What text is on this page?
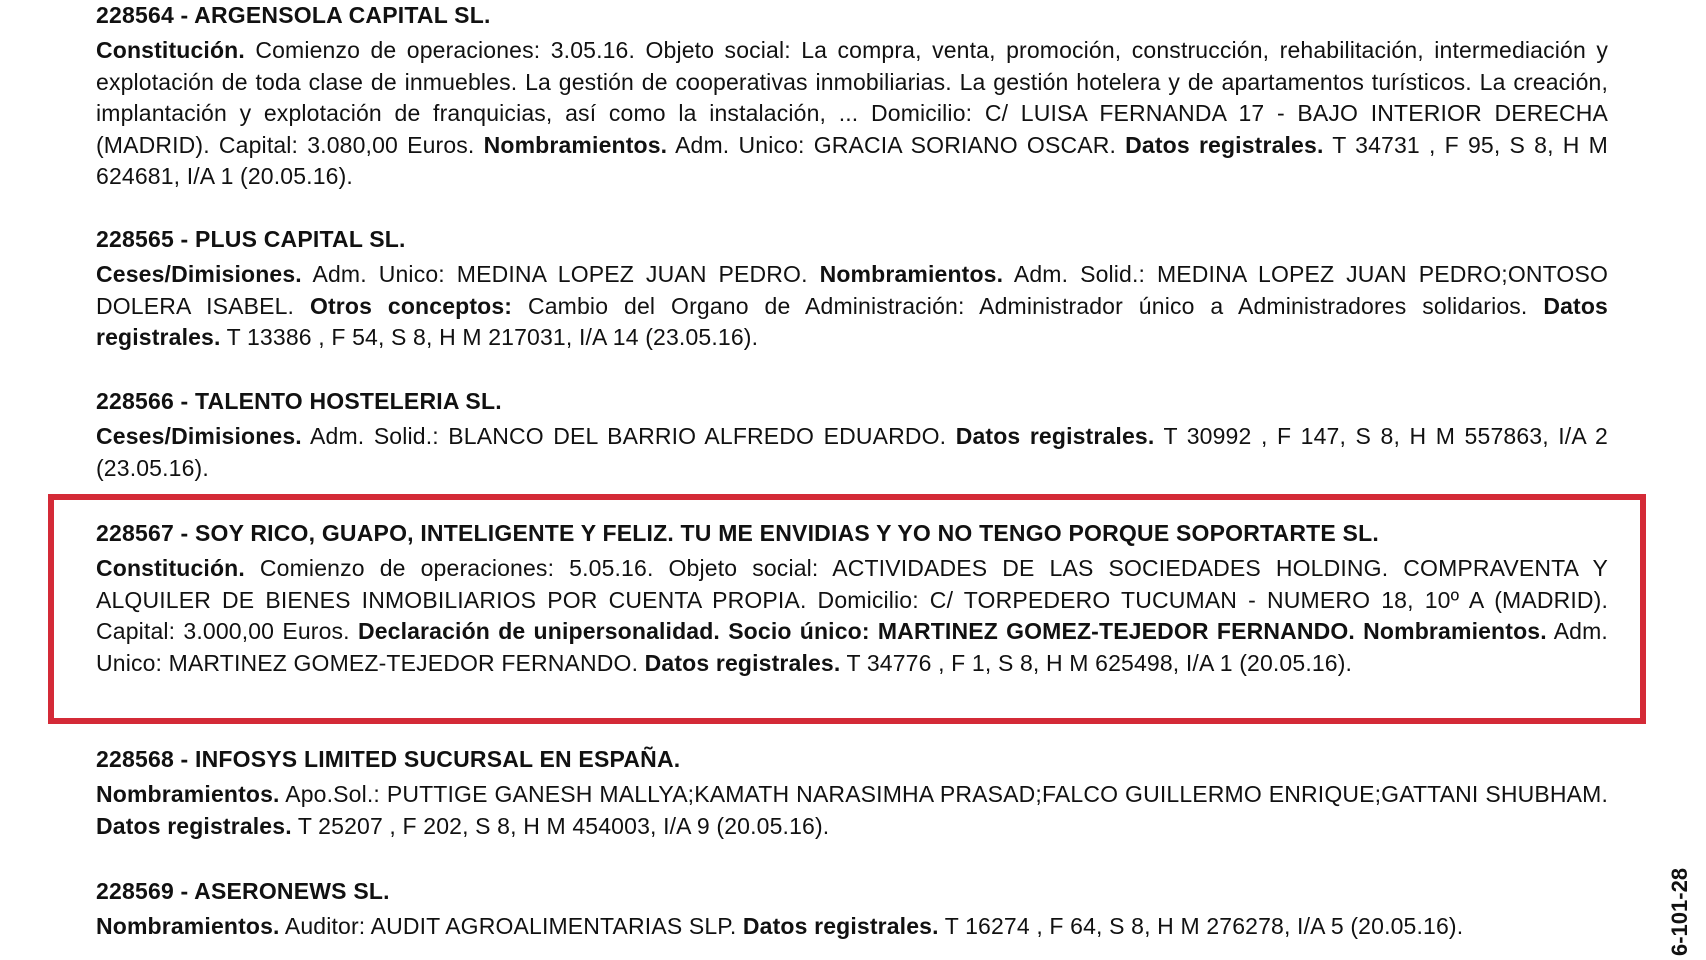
228564 - ARGENSOLA CAPITAL SL.

Constitución. Comienzo de operaciones: 3.05.16. Objeto social: La compra, venta, promoción, construcción, rehabilitación, intermediación y explotación de toda clase de inmuebles. La gestión de cooperativas inmobiliarias. La gestión hotelera y de apartamentos turísticos. La creación, implantación y explotación de franquicias, así como la instalación, ... Domicilio: C/ LUISA FERNANDA 17 - BAJO INTERIOR DERECHA (MADRID). Capital: 3.080,00 Euros. Nombramientos. Adm. Unico: GRACIA SORIANO OSCAR. Datos registrales. T 34731 , F 95, S 8, H M 624681, I/A 1 (20.05.16).

228565 - PLUS CAPITAL SL.

Ceses/Dimisiones. Adm. Unico: MEDINA LOPEZ JUAN PEDRO. Nombramientos. Adm. Solid.: MEDINA LOPEZ JUAN PEDRO;ONTOSO DOLERA ISABEL. Otros conceptos: Cambio del Organo de Administración: Administrador único a Administradores solidarios. Datos registrales. T 13386 , F 54, S 8, H M 217031, I/A 14 (23.05.16).

228566 - TALENTO HOSTELERIA SL.

Ceses/Dimisiones. Adm. Solid.: BLANCO DEL BARRIO ALFREDO EDUARDO. Datos registrales. T 30992 , F 147, S 8, H M 557863, I/A 2 (23.05.16).

228567 - SOY RICO, GUAPO, INTELIGENTE Y FELIZ. TU ME ENVIDIAS Y YO NO TENGO PORQUE SOPORTARTE SL.

Constitución. Comienzo de operaciones: 5.05.16. Objeto social: ACTIVIDADES DE LAS SOCIEDADES HOLDING. COMPRAVENTA Y ALQUILER DE BIENES INMOBILIARIOS POR CUENTA PROPIA. Domicilio: C/ TORPEDERO TUCUMAN - NUMERO 18, 10º A (MADRID). Capital: 3.000,00 Euros. Declaración de unipersonalidad. Socio único: MARTINEZ GOMEZ-TEJEDOR FERNANDO. Nombramientos. Adm. Unico: MARTINEZ GOMEZ-TEJEDOR FERNANDO. Datos registrales. T 34776 , F 1, S 8, H M 625498, I/A 1 (20.05.16).

228568 - INFOSYS LIMITED SUCURSAL EN ESPAÑA.

Nombramientos. Apo.Sol.: PUTTIGE GANESH MALLYA;KAMATH NARASIMHA PRASAD;FALCO GUILLERMO ENRIQUE;GATTANI SHUBHAM. Datos registrales. T 25207 , F 202, S 8, H M 454003, I/A 9 (20.05.16).

228569 - ASERONEWS SL.

Nombramientos. Auditor: AUDIT AGROALIMENTARIAS SLP. Datos registrales. T 16274 , F 64, S 8, H M 276278, I/A 5 (20.05.16).	6-101-28
